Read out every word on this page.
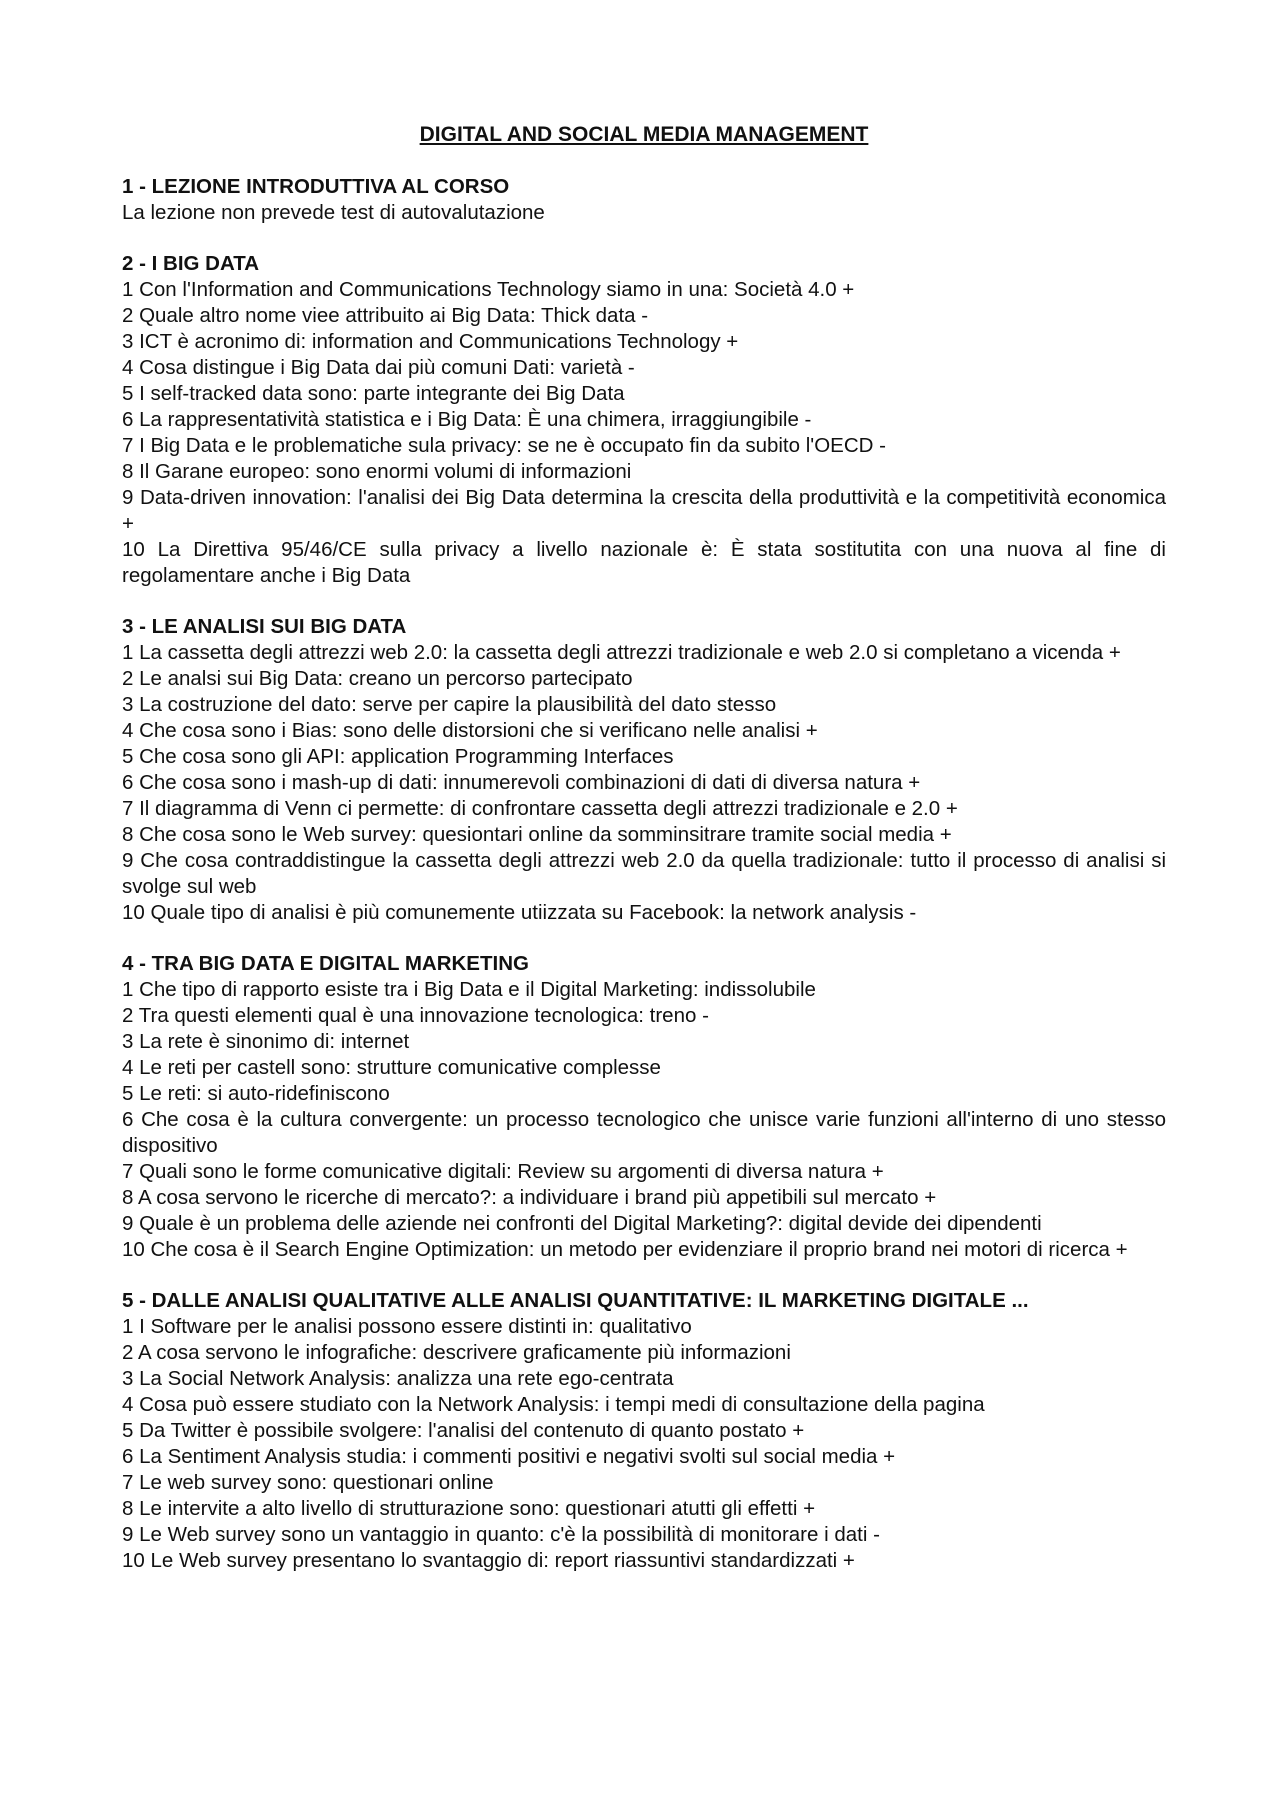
DIGITAL AND SOCIAL MEDIA MANAGEMENT
1 - LEZIONE INTRODUTTIVA AL CORSO
La lezione non prevede test di autovalutazione
2 - I BIG DATA
1 Con l'Information and Communications Technology siamo in una: Società 4.0 +
2 Quale altro nome viee attribuito ai Big Data: Thick data -
3 ICT è acronimo di: information and Communications Technology +
4 Cosa distingue i Big Data dai più comuni Dati: varietà -
5 I self-tracked data sono: parte integrante dei Big Data
6 La rappresentatività statistica e i Big Data: È una chimera, irraggiungibile -
7 I Big Data e le problematiche sula privacy: se ne è occupato fin da subito l'OECD -
8 Il Garane europeo: sono enormi volumi di informazioni
9 Data-driven innovation: l'analisi dei Big Data determina la crescita della produttività e la competitività economica +
10 La Direttiva 95/46/CE sulla privacy a livello nazionale è: È stata sostitutita con una nuova al fine di regolamentare anche i Big Data
3 - LE ANALISI SUI BIG DATA
1 La cassetta degli attrezzi web 2.0: la cassetta degli attrezzi tradizionale e web 2.0 si completano a vicenda +
2 Le analsi sui Big Data: creano un percorso partecipato
3 La costruzione del dato: serve per capire la plausibilità del dato stesso
4 Che cosa sono i Bias: sono delle distorsioni che si verificano nelle analisi +
5 Che cosa sono gli API: application Programming Interfaces
6 Che cosa sono i mash-up di dati: innumerevoli combinazioni di dati di diversa natura +
7 Il diagramma di Venn ci permette: di confrontare cassetta degli attrezzi tradizionale e 2.0 +
8 Che cosa sono le Web survey: quesiontari online da somminsitrare tramite social media +
9 Che cosa contraddistingue la cassetta degli attrezzi web 2.0 da quella tradizionale: tutto il processo di analisi si svolge sul web
10 Quale tipo di analisi è più comunemente utiizzata su Facebook: la network analysis -
4 - TRA BIG DATA E DIGITAL MARKETING
1 Che tipo di rapporto esiste tra i Big Data e il Digital Marketing: indissolubile
2 Tra questi elementi qual è una innovazione tecnologica: treno -
3 La rete è sinonimo di: internet
4 Le reti per castell sono: strutture comunicative complesse
5 Le reti: si auto-ridefiniscono
6 Che cosa è la cultura convergente: un processo tecnologico che unisce varie funzioni all'interno di uno stesso dispositivo
7 Quali sono le forme comunicative digitali: Review su argomenti di diversa natura +
8 A cosa servono le ricerche di mercato?: a individuare i brand più appetibili sul mercato +
9 Quale è un problema delle aziende nei confronti del Digital Marketing?: digital devide dei dipendenti
10 Che cosa è il Search Engine Optimization: un metodo per evidenziare il proprio brand nei motori di ricerca +
5 - DALLE ANALISI QUALITATIVE ALLE ANALISI QUANTITATIVE: IL MARKETING DIGITALE ...
1 I Software per le analisi possono essere distinti in: qualitativo
2 A cosa servono le infografiche: descrivere graficamente più informazioni
3 La Social Network Analysis: analizza una rete ego-centrata
4 Cosa può essere studiato con la Network Analysis: i tempi medi di consultazione della pagina
5 Da Twitter è possibile svolgere: l'analisi del contenuto di quanto postato +
6 La Sentiment Analysis studia: i commenti positivi e negativi svolti sul social media +
7 Le web survey sono: questionari online
8 Le intervite a alto livello di strutturazione sono: questionari atutti gli effetti +
9 Le Web survey sono un vantaggio in quanto: c'è la possibilità di monitorare i dati -
10 Le Web survey presentano lo svantaggio di: report riassuntivi standardizzati +
